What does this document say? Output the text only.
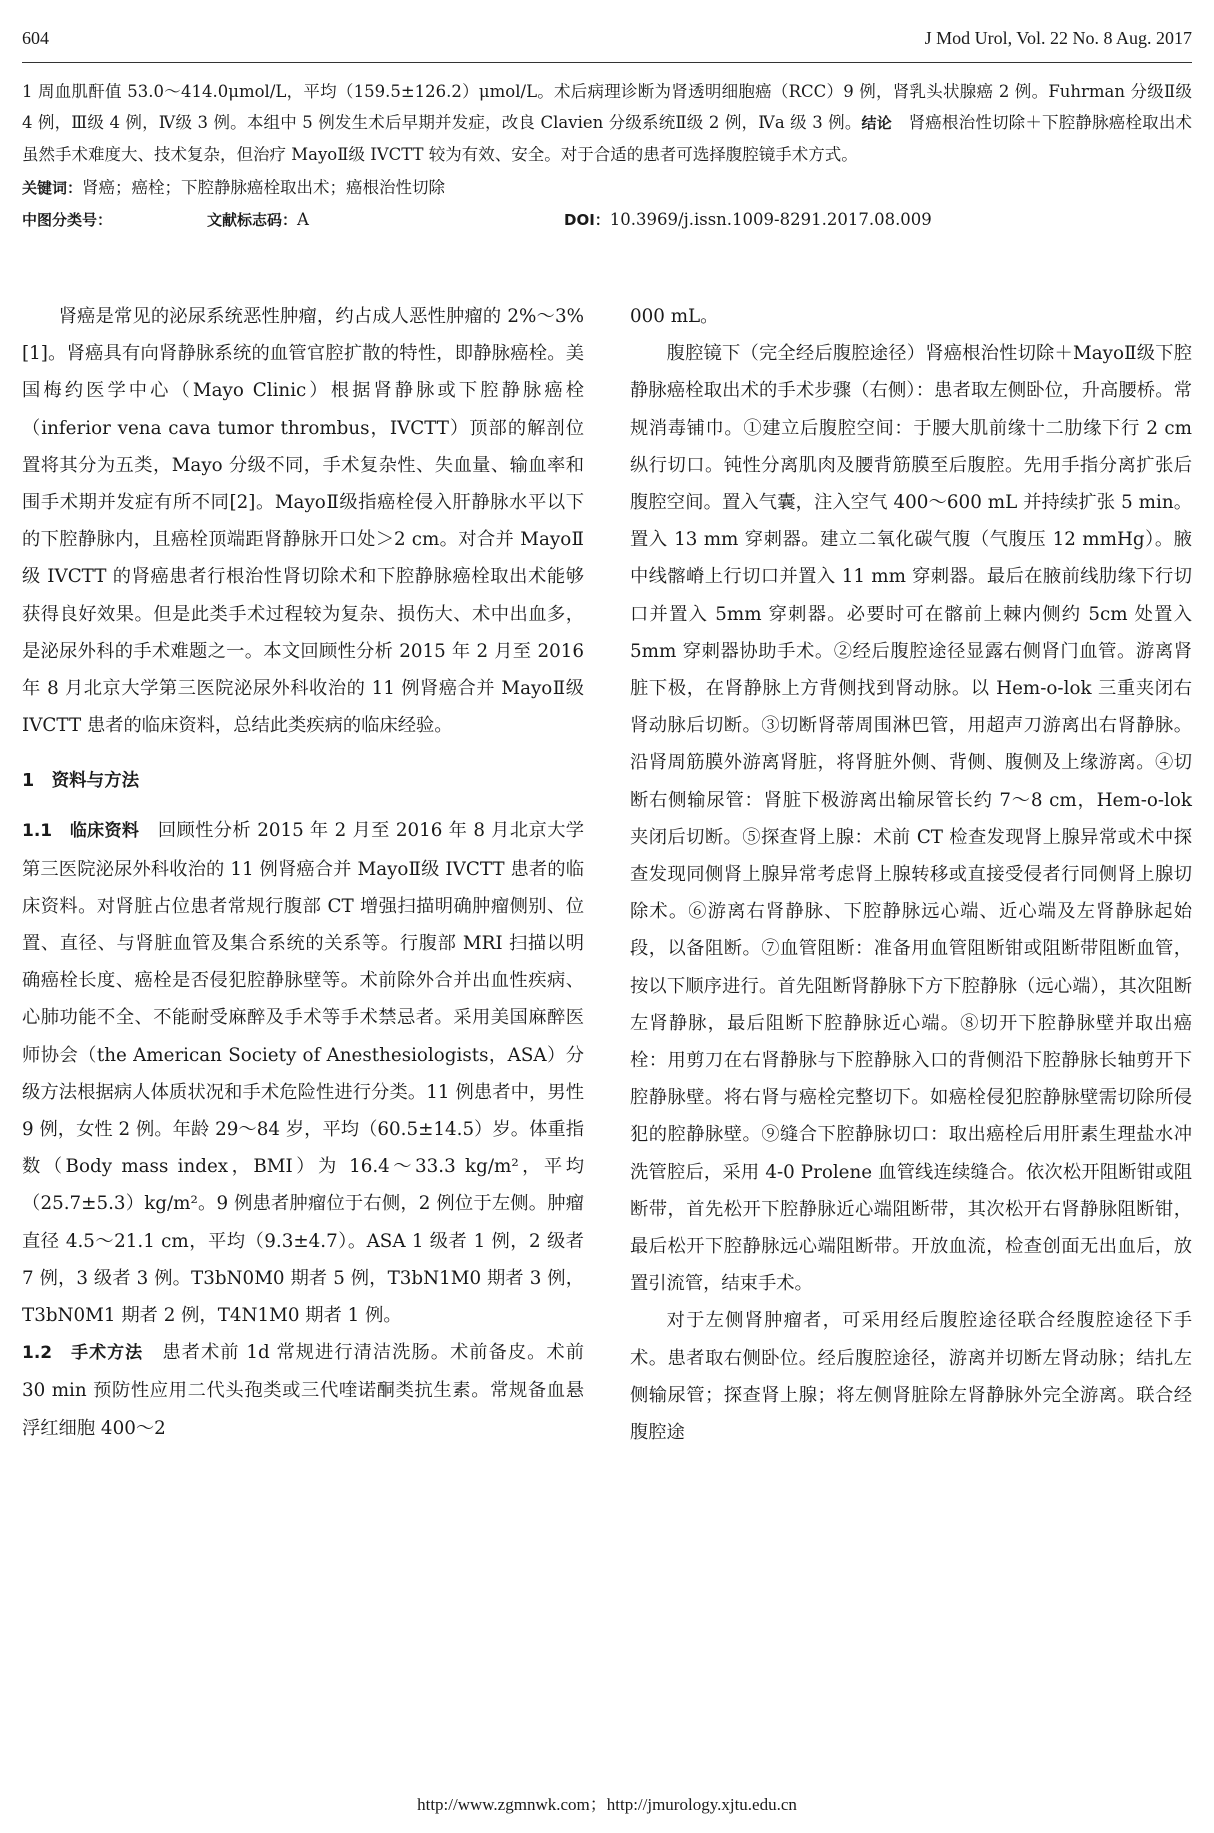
604	J Mod Urol, Vol. 22 No. 8 Aug. 2017

1 周血肌酐值 53.0～414.0μmol/L，平均（159.5±126.2）μmol/L。术后病理诊断为肾透明细胞癌（RCC）9 例，肾乳头状腺癌 2 例。Fuhrman 分级Ⅱ级 4 例，Ⅲ级 4 例，Ⅳ级 3 例。本组中 5 例发生术后早期并发症，改良 Clavien 分级系统Ⅱ级 2 例，Ⅳa 级 3 例。结论　 肾癌根治性切除＋下腔静脉癌栓取出术虽然手术难度大、技术复杂，但治疗 MayoⅡ级 IVCTT 较为有效、安全。对于合适的患者可选择腹腔镜手术方式。

关键词：肾癌；癌栓；下腔静脉癌栓取出术；癌根治性切除
中图分类号：	文献标志码：A	DOI：10.3969/j.issn.1009-8291.2017.08.009

肾癌是常见的泌尿系统恶性肿瘤，约占成人恶性肿瘤的 2%～3%[1]。肾癌具有向肾静脉系统的血管官腔扩散的特性，即静脉癌栓。美国梅约医学中心（Mayo Clinic）根据肾静脉或下腔静脉癌栓（inferior vena cava tumor thrombus，IVCTT）顶部的解剖位置将其分为五类，Mayo 分级不同，手术复杂性、失血量、输血率和围手术期并发症有所不同[2]。MayoⅡ级指癌栓侵入肝静脉水平以下的下腔静脉内，且癌栓顶端距肾静脉开口处＞2 cm。对合并 MayoⅡ级 IVCTT 的肾癌患者行根治性肾切除术和下腔静脉癌栓取出术能够获得良好效果。但是此类手术过程较为复杂、损伤大、术中出血多，是泌尿外科的手术难题之一。本文回顾性分析 2015 年 2 月至 2016 年 8 月北京大学第三医院泌尿外科收治的 11 例肾癌合并 MayoⅡ级 IVCTT 患者的临床资料，总结此类疾病的临床经验。

1　资料与方法

1.1　临床资料　 回顾性分析 2015 年 2 月至 2016 年 8 月北京大学第三医院泌尿外科收治的 11 例肾癌合并 MayoⅡ级 IVCTT 患者的临床资料。对肾脏占位患者常规行腹部 CT 增强扫描明确肿瘤侧别、位置、直径、与肾脏血管及集合系统的关系等。行腹部 MRI 扫描以明确癌栓长度、癌栓是否侵犯腔静脉壁等。术前除外合并出血性疾病、心肺功能不全、不能耐受麻醉及手术等手术禁忌者。采用美国麻醉医师协会（the American Society of Anesthesiologists，ASA）分级方法根据病人体质状况和手术危险性进行分类。11 例患者中，男性 9 例，女性 2 例。年龄 29～84 岁，平均（60.5±14.5）岁。体重指数（Body mass index，BMI）为 16.4～33.3 kg/m²，平均（25.7±5.3）kg/m²。9 例患者肿瘤位于右侧，2 例位于左侧。肿瘤直径 4.5～21.1 cm，平均（9.3±4.7）。ASA 1 级者 1 例，2 级者 7 例，3 级者 3 例。T3bN0M0 期者 5 例，T3bN1M0 期者 3 例，T3bN0M1 期者 2 例，T4N1M0 期者 1 例。

1.2　手术方法　 患者术前 1d 常规进行清洁洗肠。术前备皮。术前 30 min 预防性应用二代头孢类或三代喹诺酮类抗生素。常规备血悬浮红细胞 400～2

000 mL。

腹腔镜下（完全经后腹腔途径）肾癌根治性切除＋MayoⅡ级下腔静脉癌栓取出术的手术步骤（右侧）：患者取左侧卧位，升高腰桥。常规消毒铺巾。①建立后腹腔空间：于腰大肌前缘十二肋缘下行 2 cm 纵行切口。钝性分离肌肉及腰背筋膜至后腹腔。先用手指分离扩张后腹腔空间。置入气囊，注入空气 400～600 mL 并持续扩张 5 min。置入 13 mm 穿刺器。建立二氧化碳气腹（气腹压 12 mmHg）。腋中线髂嵴上行切口并置入 11 mm 穿刺器。最后在腋前线肋缘下行切口并置入 5mm 穿刺器。必要时可在髂前上棘内侧约 5cm 处置入 5mm 穿刺器协助手术。②经后腹腔途径显露右侧肾门血管。游离肾脏下极，在肾静脉上方背侧找到肾动脉。以 Hem-o-lok 三重夹闭右肾动脉后切断。③切断肾蒂周围淋巴管，用超声刀游离出右肾静脉。沿肾周筋膜外游离肾脏，将肾脏外侧、背侧、腹侧及上缘游离。④切断右侧输尿管：肾脏下极游离出输尿管长约 7～8 cm，Hem-o-lok 夹闭后切断。⑤探查肾上腺：术前 CT 检查发现肾上腺异常或术中探查发现同侧肾上腺异常考虑肾上腺转移或直接受侵者行同侧肾上腺切除术。⑥游离右肾静脉、下腔静脉远心端、近心端及左肾静脉起始段，以备阻断。⑦血管阻断：准备用血管阻断钳或阻断带阻断血管，按以下顺序进行。首先阻断肾静脉下方下腔静脉（远心端），其次阻断左肾静脉，最后阻断下腔静脉近心端。⑧切开下腔静脉壁并取出癌栓：用剪刀在右肾静脉与下腔静脉入口的背侧沿下腔静脉长轴剪开下腔静脉壁。将右肾与癌栓完整切下。如癌栓侵犯腔静脉壁需切除所侵犯的腔静脉壁。⑨缝合下腔静脉切口：取出癌栓后用肝素生理盐水冲洗管腔后，采用 4-0 Prolene 血管线连续缝合。依次松开阻断钳或阻断带，首先松开下腔静脉近心端阻断带，其次松开右肾静脉阻断钳，最后松开下腔静脉远心端阻断带。开放血流，检查创面无出血后，放置引流管，结束手术。

对于左侧肾肿瘤者，可采用经后腹腔途径联合经腹腔途径下手术。患者取右侧卧位。经后腹腔途径，游离并切断左肾动脉；结扎左侧输尿管；探查肾上腺；将左侧肾脏除左肾静脉外完全游离。联合经腹腔途

http://www.zgmnwk.com；http://jmurology.xjtu.edu.cn
